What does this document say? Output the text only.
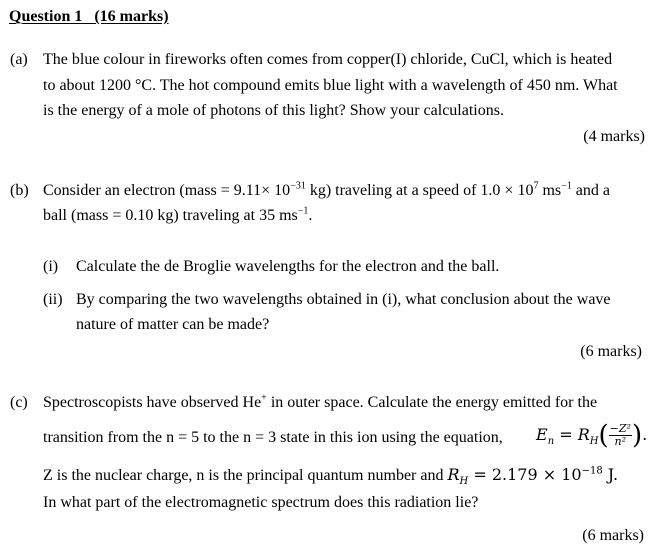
Question 1 (16 marks)
(a) The blue colour in fireworks often comes from copper(I) chloride, CuCl, which is heated
to about 1200 °C. The hot compound emits blue light with a wavelength of 450 nm. What
is the energy of a mole of photons of this light? Show your calculations.
(4 marks)
(b) Consider an electron (mass = $9.11\times 10^{-31}$ kg) traveling at a speed of $1.0 \times 10^7$ $ms^{-1}$ and a
ball (mass = 0.10 kg) traveling at 35 $ms^{-1}$.
(i) Calculate the de Broglie wavelengths for the electron and the ball.
(ii) By comparing the two wavelengths obtained in (i), what conclusion about the wave
nature of matter can be made?
(6 marks)
(c) Spectroscopists have observed He+ in outer space. Calculate the energy emitted for the
transition from the n = 5 to the n = 3 state in this ion using the equation, $E_n = R_H( \frac{\text{−Z²}}{\text{n²}}$ ).
Z is the nuclear charge, n is the principal quantum number and $R_H = 2.179 \times 10^{-18}$ J.
In what part of the electromagnetic spectrum does this radiation lie?
(6 marks)
